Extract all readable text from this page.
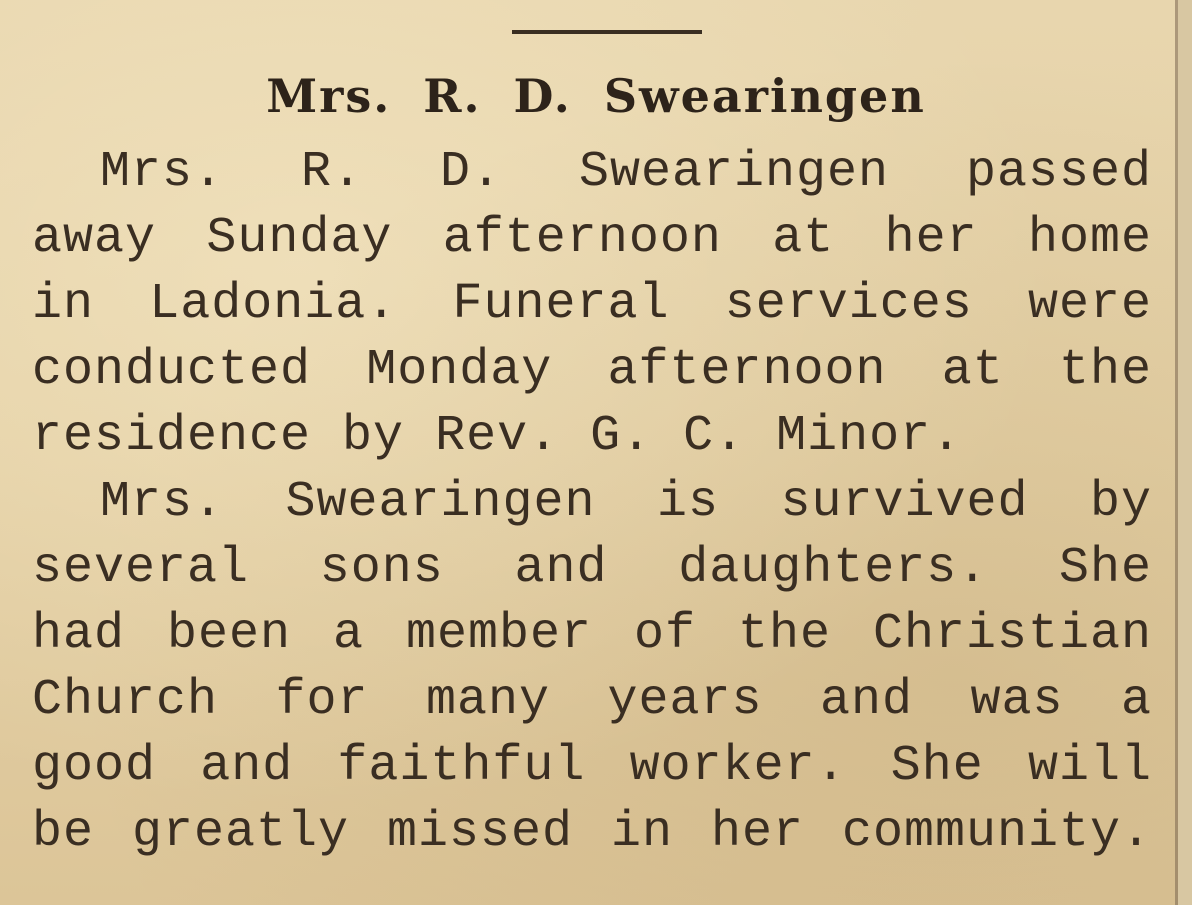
Mrs. R. D. Swearingen
Mrs. R. D. Swearingen passed
away Sunday afternoon at her home
in Ladonia. Funeral services were
conducted Monday afternoon at the
residence by Rev. G. C. Minor.
Mrs. Swearingen is survived by
several sons and daughters. She
had been a member of the Christian
Church for many years and was a
good and faithful worker. She will
be greatly missed in her community.
